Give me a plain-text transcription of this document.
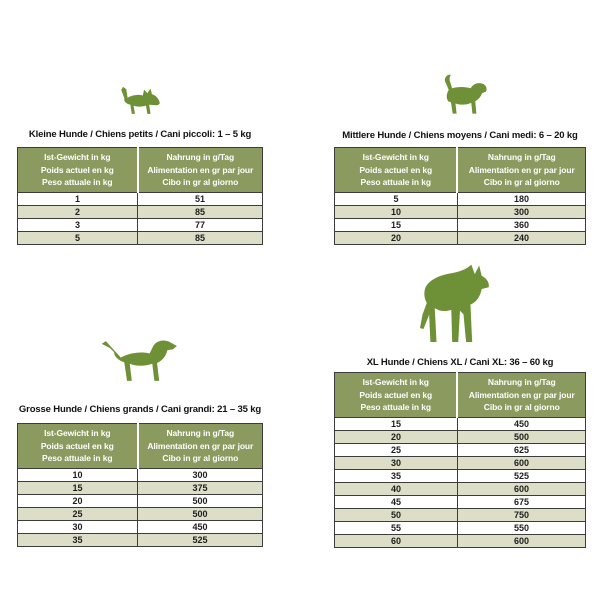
Kleine Hunde / Chiens petits / Cani piccoli: 1 – 5 kg
Ist-Gewicht in kg
Poids actuel en kg
Peso attuale in kg	Nahrung in g/Tag
Alimentation en gr par jour
Cibo in gr al giorno

1	51
2	85
3	77
5	85
Mittlere Hunde / Chiens moyens / Cani medi: 6 – 20 kg
Ist-Gewicht in kg
Poids actuel en kg
Peso attuale in kg	Nahrung in g/Tag
Alimentation en gr par jour
Cibo in gr al giorno

5	180
10	300
15	360
20	240
Grosse Hunde / Chiens grands / Cani grandi: 21 – 35 kg
Ist-Gewicht in kg
Poids actuel en kg
Peso attuale in kg	Nahrung in g/Tag
Alimentation en gr par jour
Cibo in gr al giorno

10	300
15	375
20	500
25	500
30	450
35	525
XL Hunde / Chiens XL / Cani XL: 36 – 60 kg
Ist-Gewicht in kg
Poids actuel en kg
Peso attuale in kg	Nahrung in g/Tag
Alimentation en gr par jour
Cibo in gr al giorno

15	450
20	500
25	625
30	600
35	525
40	600
45	675
50	750
55	550
60	600
